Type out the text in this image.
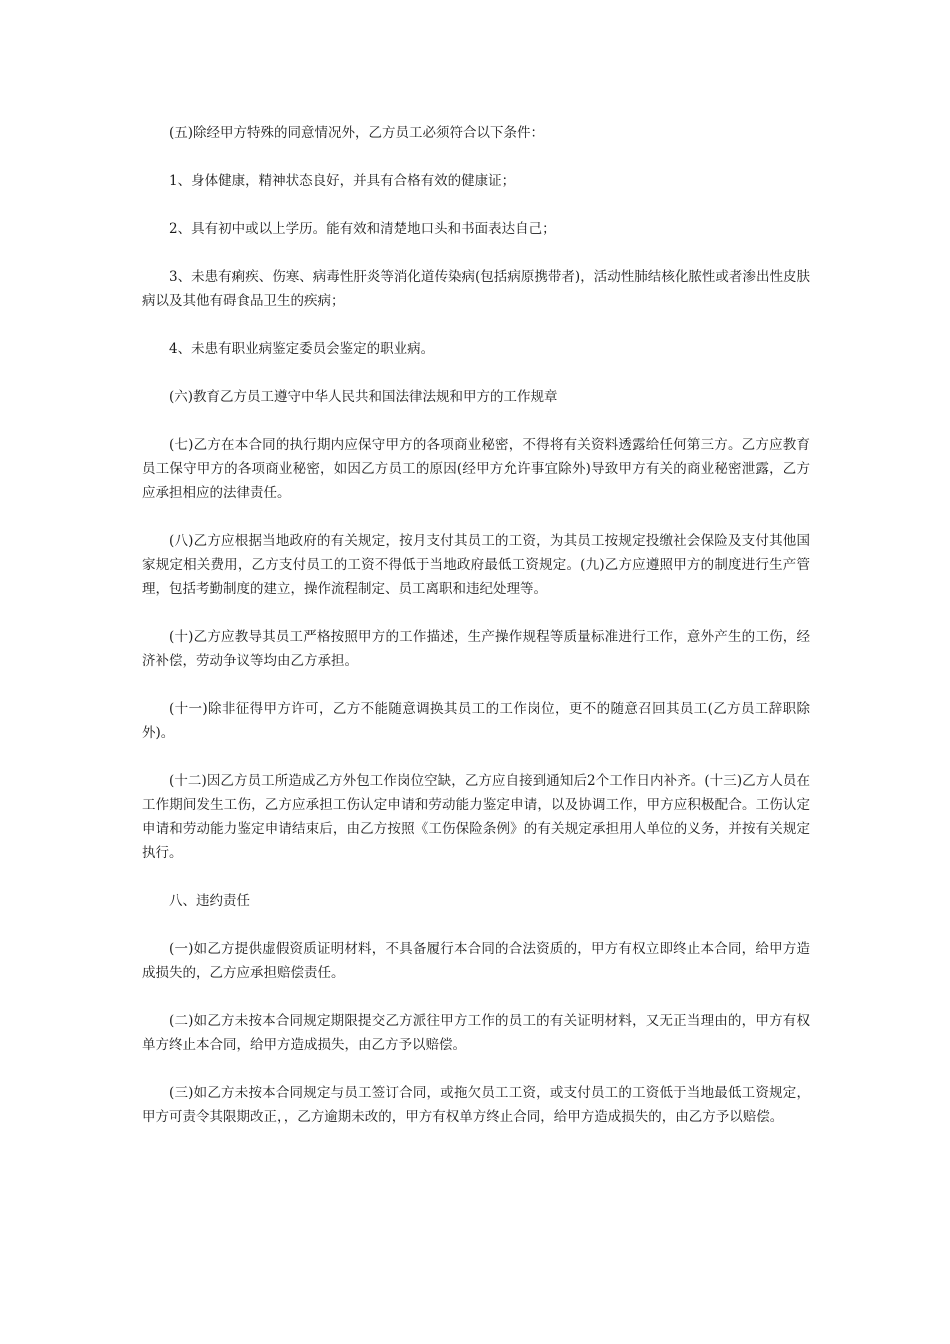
(五)除经甲方特殊的同意情况外，乙方员工必须符合以下条件：

1、身体健康，精神状态良好，并具有合格有效的健康证；

2、具有初中或以上学历。能有效和清楚地口头和书面表达自己；

3、未患有痢疾、伤寒、病毒性肝炎等消化道传染病(包括病原携带者)，活动性肺结核化脓性或者渗出性皮肤病以及其他有碍食品卫生的疾病；

4、未患有职业病鉴定委员会鉴定的职业病。

(六)教育乙方员工遵守中华人民共和国法律法规和甲方的工作规章

(七)乙方在本合同的执行期内应保守甲方的各项商业秘密，不得将有关资料透露给任何第三方。乙方应教育员工保守甲方的各项商业秘密，如因乙方员工的原因(经甲方允许事宜除外)导致甲方有关的商业秘密泄露，乙方应承担相应的法律责任。

(八)乙方应根据当地政府的有关规定，按月支付其员工的工资，为其员工按规定投缴社会保险及支付其他国家规定相关费用，乙方支付员工的工资不得低于当地政府最低工资规定。(九)乙方应遵照甲方的制度进行生产管理，包括考勤制度的建立，操作流程制定、员工离职和违纪处理等。

(十)乙方应教导其员工严格按照甲方的工作描述，生产操作规程等质量标准进行工作，意外产生的工伤，经济补偿，劳动争议等均由乙方承担。

(十一)除非征得甲方许可，乙方不能随意调换其员工的工作岗位，更不的随意召回其员工(乙方员工辞职除外)。

(十二)因乙方员工所造成乙方外包工作岗位空缺，乙方应自接到通知后2个工作日内补齐。(十三)乙方人员在工作期间发生工伤，乙方应承担工伤认定申请和劳动能力鉴定申请，以及协调工作，甲方应积极配合。工伤认定申请和劳动能力鉴定申请结束后，由乙方按照《工伤保险条例》的有关规定承担用人单位的义务，并按有关规定执行。

八、违约责任

(一)如乙方提供虚假资质证明材料，不具备履行本合同的合法资质的，甲方有权立即终止本合同，给甲方造成损失的，乙方应承担赔偿责任。

(二)如乙方未按本合同规定期限提交乙方派往甲方工作的员工的有关证明材料，又无正当理由的，甲方有权单方终止本合同，给甲方造成损失，由乙方予以赔偿。

(三)如乙方未按本合同规定与员工签订合同，或拖欠员工工资，或支付员工的工资低于当地最低工资规定，甲方可责令其限期改正，，乙方逾期未改的，甲方有权单方终止合同，给甲方造成损失的，由乙方予以赔偿。
